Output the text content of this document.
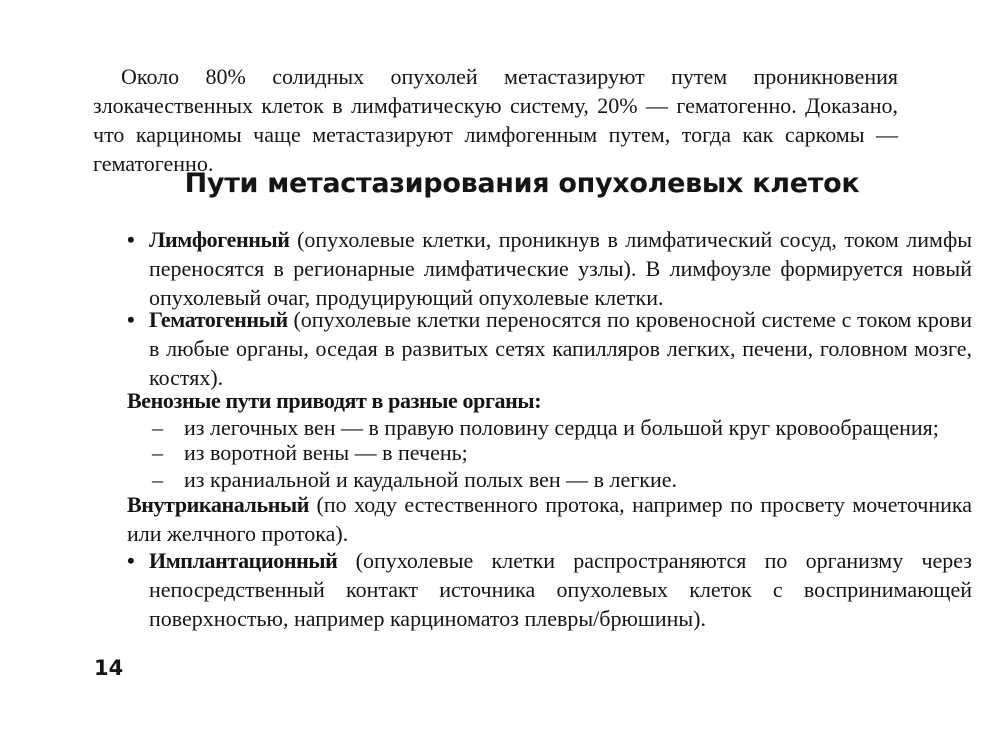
Около 80% солидных опухолей метастазируют путем проникновения злокачественных клеток в лимфатическую систему, 20% — гематогенно. Доказано, что карциномы чаще метастазируют лимфогенным путем, тогда как саркомы — гематогенно.

Пути метастазирования опухолевых клеток
• Лимфогенный (опухолевые клетки, проникнув в лимфатический сосуд, током лимфы переносятся в регионарные лимфатические узлы). В лимфоузле формируется новый опухолевый очаг, продуцирующий опухолевые клетки.
• Гематогенный (опухолевые клетки переносятся по кровеносной системе с током крови в любые органы, оседая в развитых сетях капилляров легких, печени, головном мозге, костях).

Венозные пути приводят в разные органы:

– из легочных вен — в правую половину сердца и большой круг кровообращения;
– из воротной вены — в печень;
– из краниальной и каудальной полых вен — в легкие.

Внутриканальный (по ходу естественного протока, например по просвету мочеточника или желчного протока).

• Имплантационный (опухолевые клетки распространяются по организму через непосредственный контакт источника опухолевых клеток с воспринимающей поверхностью, например карциноматоз плевры/брюшины).

14
